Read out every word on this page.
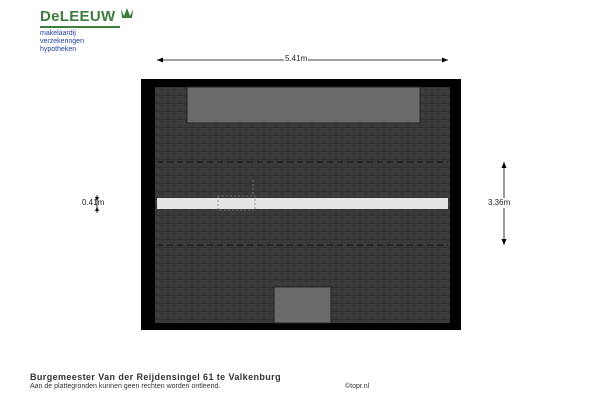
DeLEEUW
makelaardij
verzekeringen
hypotheken
5.41m
3.36m
0.41m
Burgemeester Van der Reijdensingel 61 te Valkenburg
Aan de plattegronden kunnen geen rechten worden ontleend.	©topr.nl
